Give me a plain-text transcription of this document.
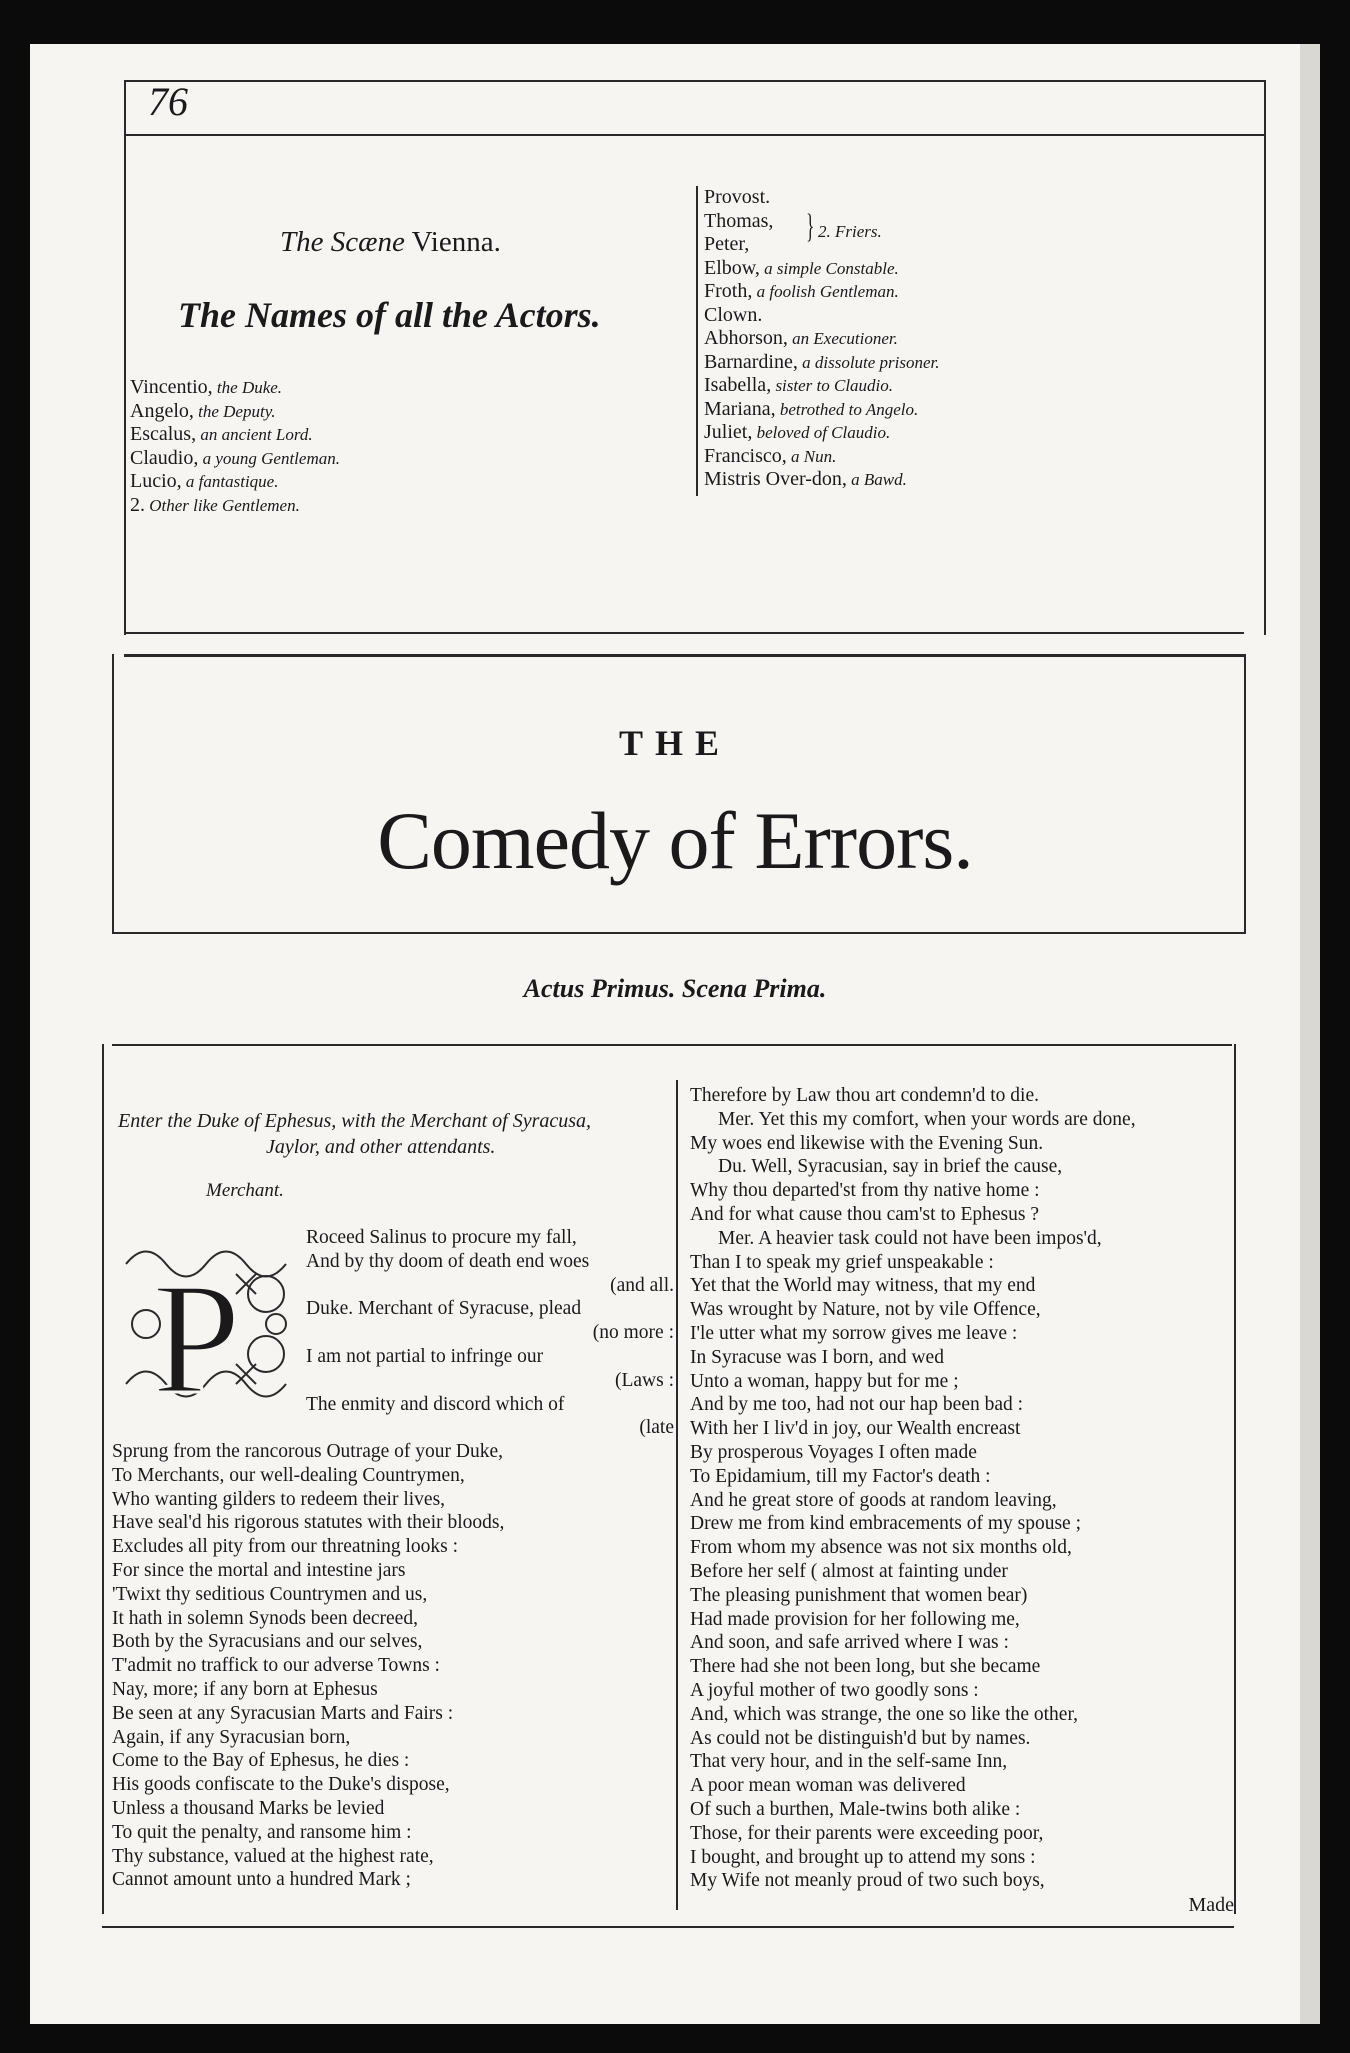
76
The Scæne Vienna.
The Names of all the Actors.
Vincentio, the Duke.
Angelo, the Deputy.
Escalus, an ancient Lord.
Claudio, a young Gentleman.
Lucio, a fantastique.
2. Other like Gentlemen.
Provost.
Thomas,
Peter,
Elbow, a simple Constable.
Froth, a foolish Gentleman.
Clown.
Abhorson, an Executioner.
Barnardine, a dissolute prisoner.
Isabella, sister to Claudio.
Mariana, betrothed to Angelo.
Juliet, beloved of Claudio.
Francisco, a Nun.
Mistris Over-don, a Bawd.
} 2. Friers.
THE
Comedy of Errors.
Actus Primus. Scena Prima.
Enter the Duke of Ephesus, with the Merchant of Syracusa,
Jaylor, and other attendants.
Merchant.
P
Roceed Salinus to procure my fall,
And by thy doom of death end woes
(and all.
Duke. Merchant of Syracuse, plead
(no more :
I am not partial to infringe our
(Laws :
The enmity and discord which of
(late
Sprung from the rancorous Outrage of your Duke,
To Merchants, our well-dealing Countrymen,
Who wanting gilders to redeem their lives,
Have seal'd his rigorous statutes with their bloods,
Excludes all pity from our threatning looks :
For since the mortal and intestine jars
'Twixt thy seditious Countrymen and us,
It hath in solemn Synods been decreed,
Both by the Syracusians and our selves,
T'admit no traffick to our adverse Towns :
Nay, more; if any born at Ephesus
Be seen at any Syracusian Marts and Fairs :
Again, if any Syracusian born,
Come to the Bay of Ephesus, he dies :
His goods confiscate to the Duke's dispose,
Unless a thousand Marks be levied
To quit the penalty, and ransome him :
Thy substance, valued at the highest rate,
Cannot amount unto a hundred Mark ;
Therefore by Law thou art condemn'd to die.
Mer. Yet this my comfort, when your words are done,
My woes end likewise with the Evening Sun.
Du. Well, Syracusian, say in brief the cause,
Why thou departed'st from thy native home :
And for what cause thou cam'st to Ephesus ?
Mer. A heavier task could not have been impos'd,
Than I to speak my grief unspeakable :
Yet that the World may witness, that my end
Was wrought by Nature, not by vile Offence,
I'le utter what my sorrow gives me leave :
In Syracuse was I born, and wed
Unto a woman, happy but for me ;
And by me too, had not our hap been bad :
With her I liv'd in joy, our Wealth encreast
By prosperous Voyages I often made
To Epidamium, till my Factor's death :
And he great store of goods at random leaving,
Drew me from kind embracements of my spouse ;
From whom my absence was not six months old,
Before her self ( almost at fainting under
The pleasing punishment that women bear)
Had made provision for her following me,
And soon, and safe arrived where I was :
There had she not been long, but she became
A joyful mother of two goodly sons :
And, which was strange, the one so like the other,
As could not be distinguish'd but by names.
That very hour, and in the self-same Inn,
A poor mean woman was delivered
Of such a burthen, Male-twins both alike :
Those, for their parents were exceeding poor,
I bought, and brought up to attend my sons :
My Wife not meanly proud of two such boys,
Made
